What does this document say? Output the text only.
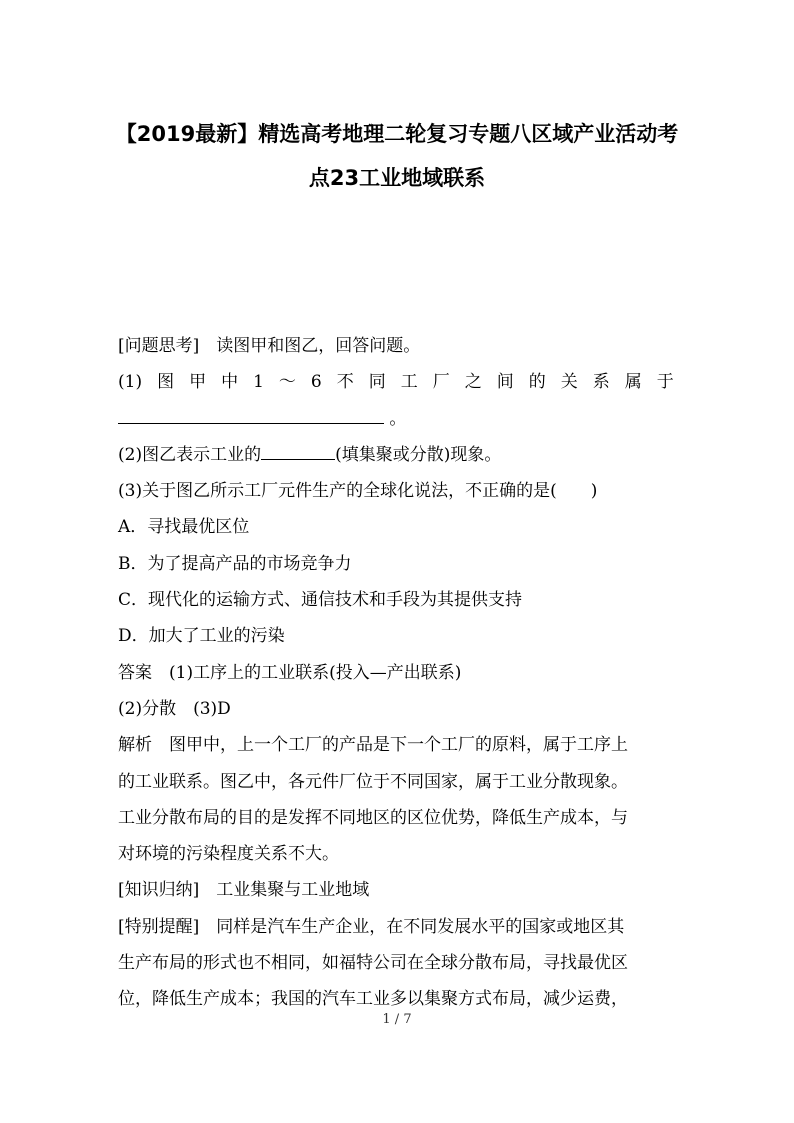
【2019最新】精选高考地理二轮复习专题八区域产业活动考
点23工业地域联系
[问题思考]　读图甲和图乙，回答问题。
(1) 图 甲 中 1 ～ 6 不 同 工 厂 之 间 的 关 系 属 于
。
(2)图乙表示工业的	(填集聚或分散)现象。
(3)关于图乙所示工厂元件生产的全球化说法，不正确的是(　　)
A．寻找最优区位
B．为了提高产品的市场竞争力
C．现代化的运输方式、通信技术和手段为其提供支持
D．加大了工业的污染
答案　(1)工序上的工业联系(投入—产出联系)
(2)分散　(3)D
解析　图甲中，上一个工厂的产品是下一个工厂的原料，属于工序上
的工业联系。图乙中，各元件厂位于不同国家，属于工业分散现象。
工业分散布局的目的是发挥不同地区的区位优势，降低生产成本，与
对环境的污染程度关系不大。
[知识归纳]　工业集聚与工业地域
[特别提醒]　同样是汽车生产企业，在不同发展水平的国家或地区其
生产布局的形式也不相同，如福特公司在全球分散布局，寻找最优区
位，降低生产成本；我国的汽车工业多以集聚方式布局，减少运费，
1 / 7
